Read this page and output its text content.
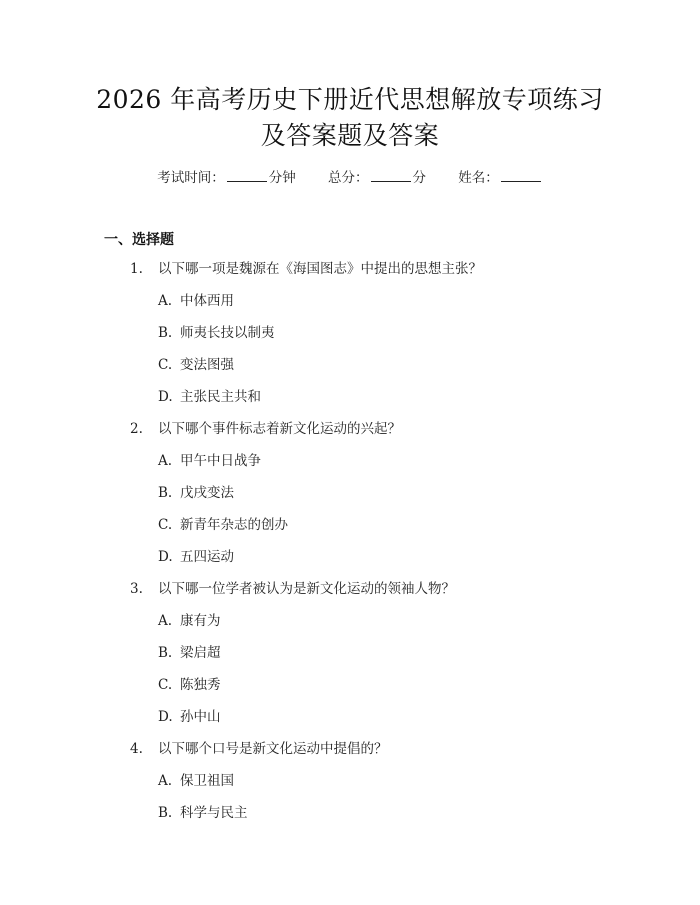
2026 年高考历史下册近代思想解放专项练习
及答案题及答案
考试时间：	分钟 总分：	分 姓名：
一、选择题
1. 以下哪一项是魏源在《海国图志》中提出的思想主张？
A. 中体西用
B. 师夷长技以制夷
C. 变法图强
D. 主张民主共和
2. 以下哪个事件标志着新文化运动的兴起？
A. 甲午中日战争
B. 戊戌变法
C. 新青年杂志的创办
D. 五四运动
3. 以下哪一位学者被认为是新文化运动的领袖人物？
A. 康有为
B. 梁启超
C. 陈独秀
D. 孙中山
4. 以下哪个口号是新文化运动中提倡的？
A. 保卫祖国
B. 科学与民主
